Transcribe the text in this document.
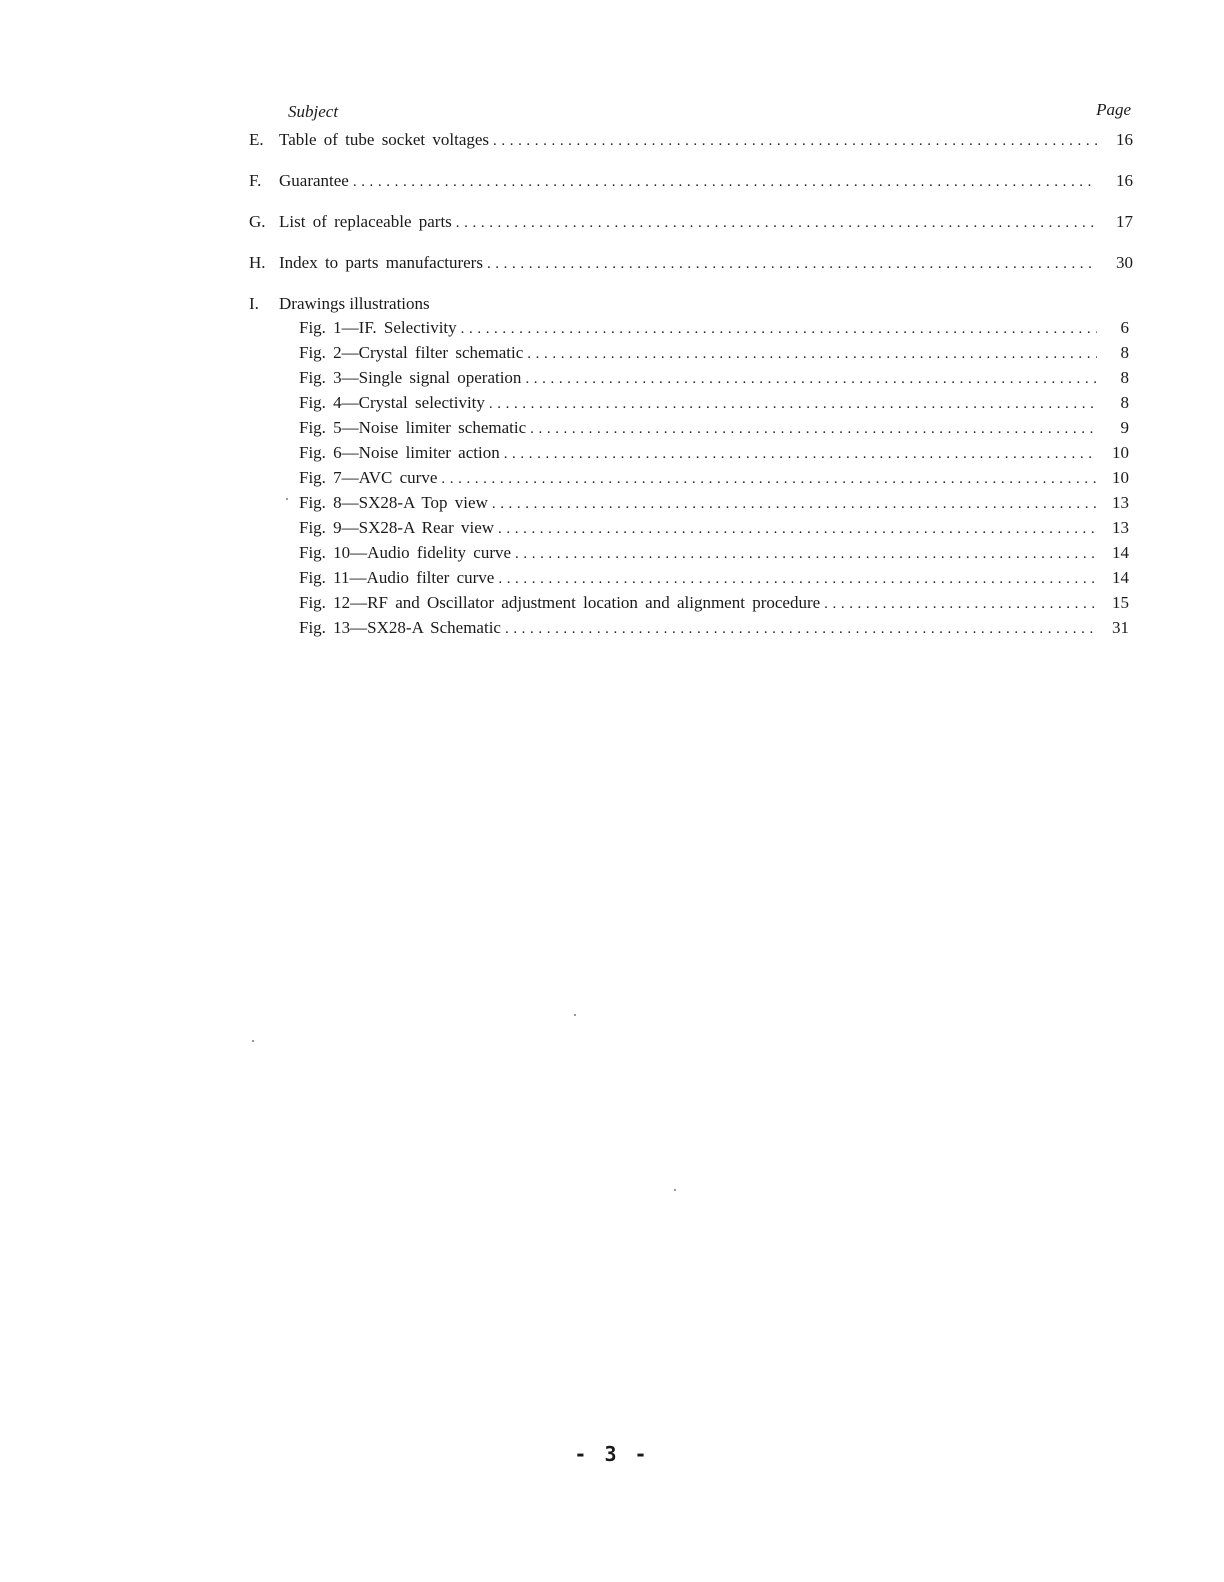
Subject	Page
E. Table of tube socket voltages .....	16
F.	Guarantee .....	16
G. List of replaceable parts .....	17
H. Index to parts manufacturers .....	30
I.	Drawings illustrations
Fig. 1—IF. Selectivity .....	6
Fig. 2—Crystal filter schematic .....	8
Fig. 3—Single signal operation .....	8
Fig. 4—Crystal selectivity .....	8
Fig. 5—Noise limiter schematic .....	9
Fig. 6—Noise limiter action .....	10
Fig. 7—AVC curve .....	10
Fig. 8—SX28-A Top view .....	13
Fig. 9—SX28-A Rear view .....	13
Fig. 10—Audio fidelity curve .....	14
Fig. 11—Audio filter curve .....	14
Fig. 12—RF and Oscillator adjustment location and alignment procedure .....	15
Fig. 13—SX28-A Schematic .....	31
- 3 -
